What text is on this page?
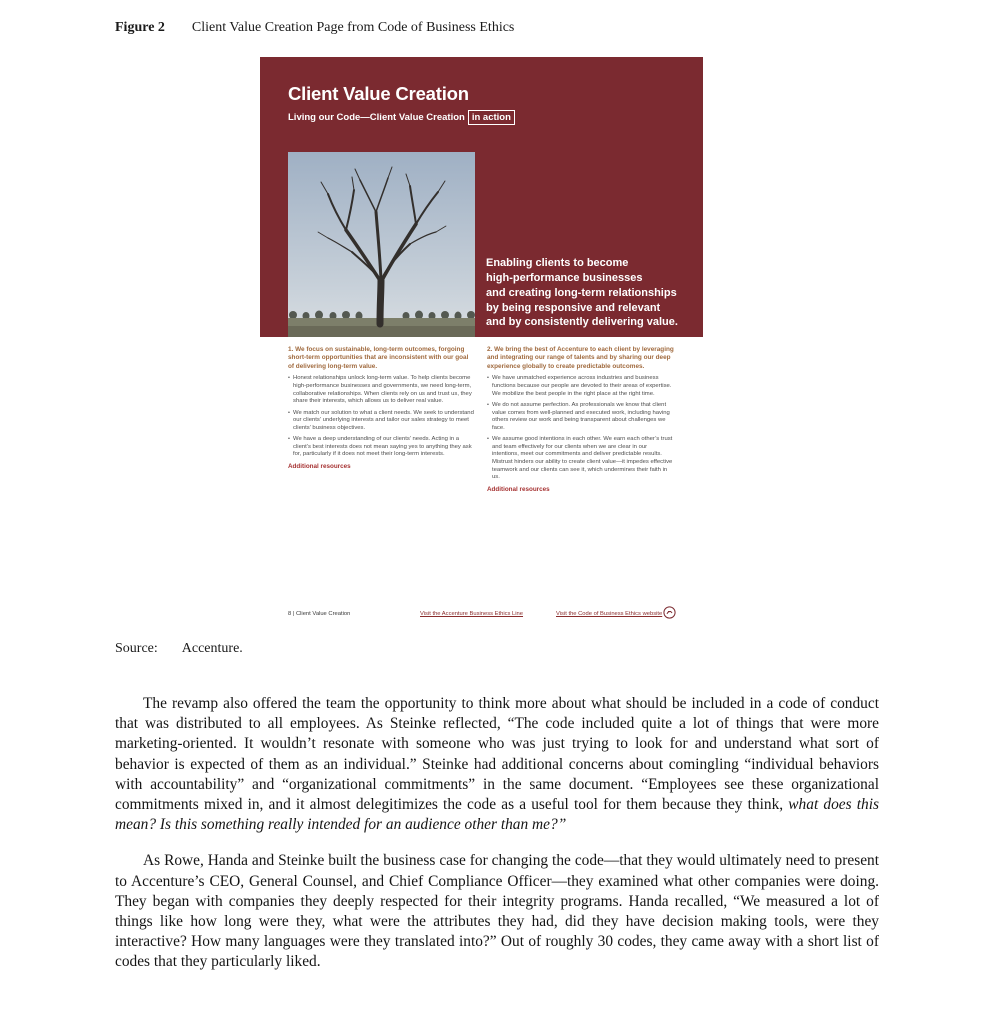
Figure 2 Client Value Creation Page from Code of Business Ethics
Client Value Creation
Living our Code—Client Value Creation in action
Enabling clients to become
high-performance businesses
and creating long-term relationships
by being responsive and relevant
and by consistently delivering value.
1. We focus on sustainable, long-term outcomes, forgoing short-term opportunities that are inconsistent with our goal of delivering long-term value.
• Honest relationships unlock long-term value. To help clients become high-performance businesses and governments, we need long-term, collaborative relationships. When clients rely on us and trust us, they share their interests, which allows us to deliver real value.
• We match our solution to what a client needs. We seek to understand our clients’ underlying interests and tailor our sales strategy to meet clients’ business objectives.
• We have a deep understanding of our clients’ needs. Acting in a client’s best interests does not mean saying yes to anything they ask for, particularly if it does not meet their long-term interests.
Additional resources
2. We bring the best of Accenture to each client by leveraging and integrating our range of talents and by sharing our deep experience globally to create predictable outcomes.
• We have unmatched experience across industries and business functions because our people are devoted to their areas of expertise. We mobilize the best people in the right place at the right time.
• We do not assume perfection. As professionals we know that client value comes from well-planned and executed work, including having others review our work and being transparent about challenges we face.
• We assume good intentions in each other. We earn each other’s trust and team effectively for our clients when we are clear in our intentions, meet our commitments and deliver predictable results. Mistrust hinders our ability to create client value—it impedes effective teamwork and our clients can see it, which undermines their faith in us.
Additional resources
8 | Client Value Creation	Visit the Accenture Business Ethics Line	Visit the Code of Business Ethics website
Source: Accenture.

The revamp also offered the team the opportunity to think more about what should be included in a code of conduct that was distributed to all employees. As Steinke reflected, “The code included quite a lot of things that were more marketing-oriented. It wouldn’t resonate with someone who was just trying to look for and understand what sort of behavior is expected of them as an individual.” Steinke had additional concerns about comingling “individual behaviors with accountability” and “organizational commitments” in the same document. “Employees see these organizational commitments mixed in, and it almost delegitimizes the code as a useful tool for them because they think, what does this mean? Is this something really intended for an audience other than me?”

As Rowe, Handa and Steinke built the business case for changing the code—that they would ultimately need to present to Accenture’s CEO, General Counsel, and Chief Compliance Officer—they examined what other companies were doing. They began with companies they deeply respected for their integrity programs. Handa recalled, “We measured a lot of things like how long were they, what were the attributes they had, did they have decision making tools, were they interactive? How many languages were they translated into?” Out of roughly 30 codes, they came away with a short list of codes that they particularly liked.
